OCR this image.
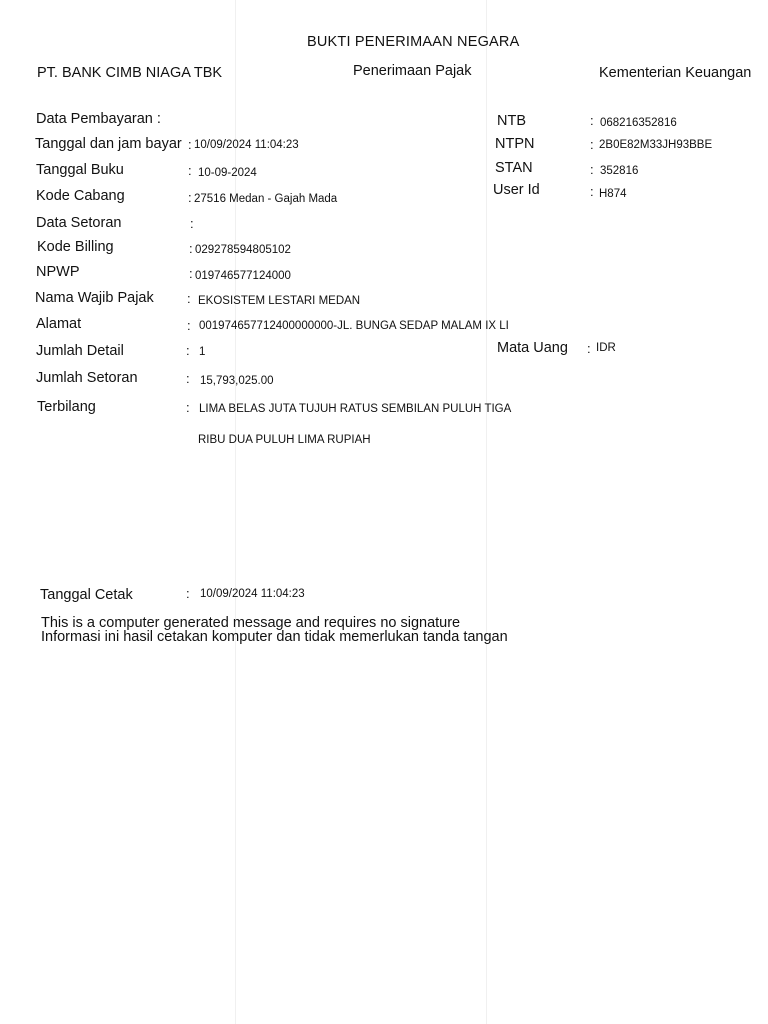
BUKTI PENERIMAAN NEGARA
PT. BANK CIMB NIAGA TBK	Penerimaan Pajak	Kementerian Keuangan
Data Pembayaran :
Tanggal dan jam bayar : 10/09/2024 11:04:23
Tanggal Buku	: 10-09-2024
Kode Cabang	: 27516 Medan - Gajah Mada
Data Setoran	:
Kode Billing	: 029278594805102
NPWP	: 019746577124000
Nama Wajib Pajak	: EKOSISTEM LESTARI MEDAN
Alamat	: 001974657712400000000-JL. BUNGA SEDAP MALAM IX LI
Jumlah Detail	: 1
Jumlah Setoran	: 15,793,025.00
Terbilang	: LIMA BELAS JUTA TUJUH RATUS SEMBILAN PULUH TIGA
RIBU DUA PULUH LIMA RUPIAH
NTB	: 068216352816
NTPN	: 2B0E82M33JH93BBE
STAN	: 352816
User Id	: H874
Mata Uang : IDR
Tanggal Cetak	: 10/09/2024 11:04:23
This is a computer generated message and requires no signature
Informasi ini hasil cetakan komputer dan tidak memerlukan tanda tangan
